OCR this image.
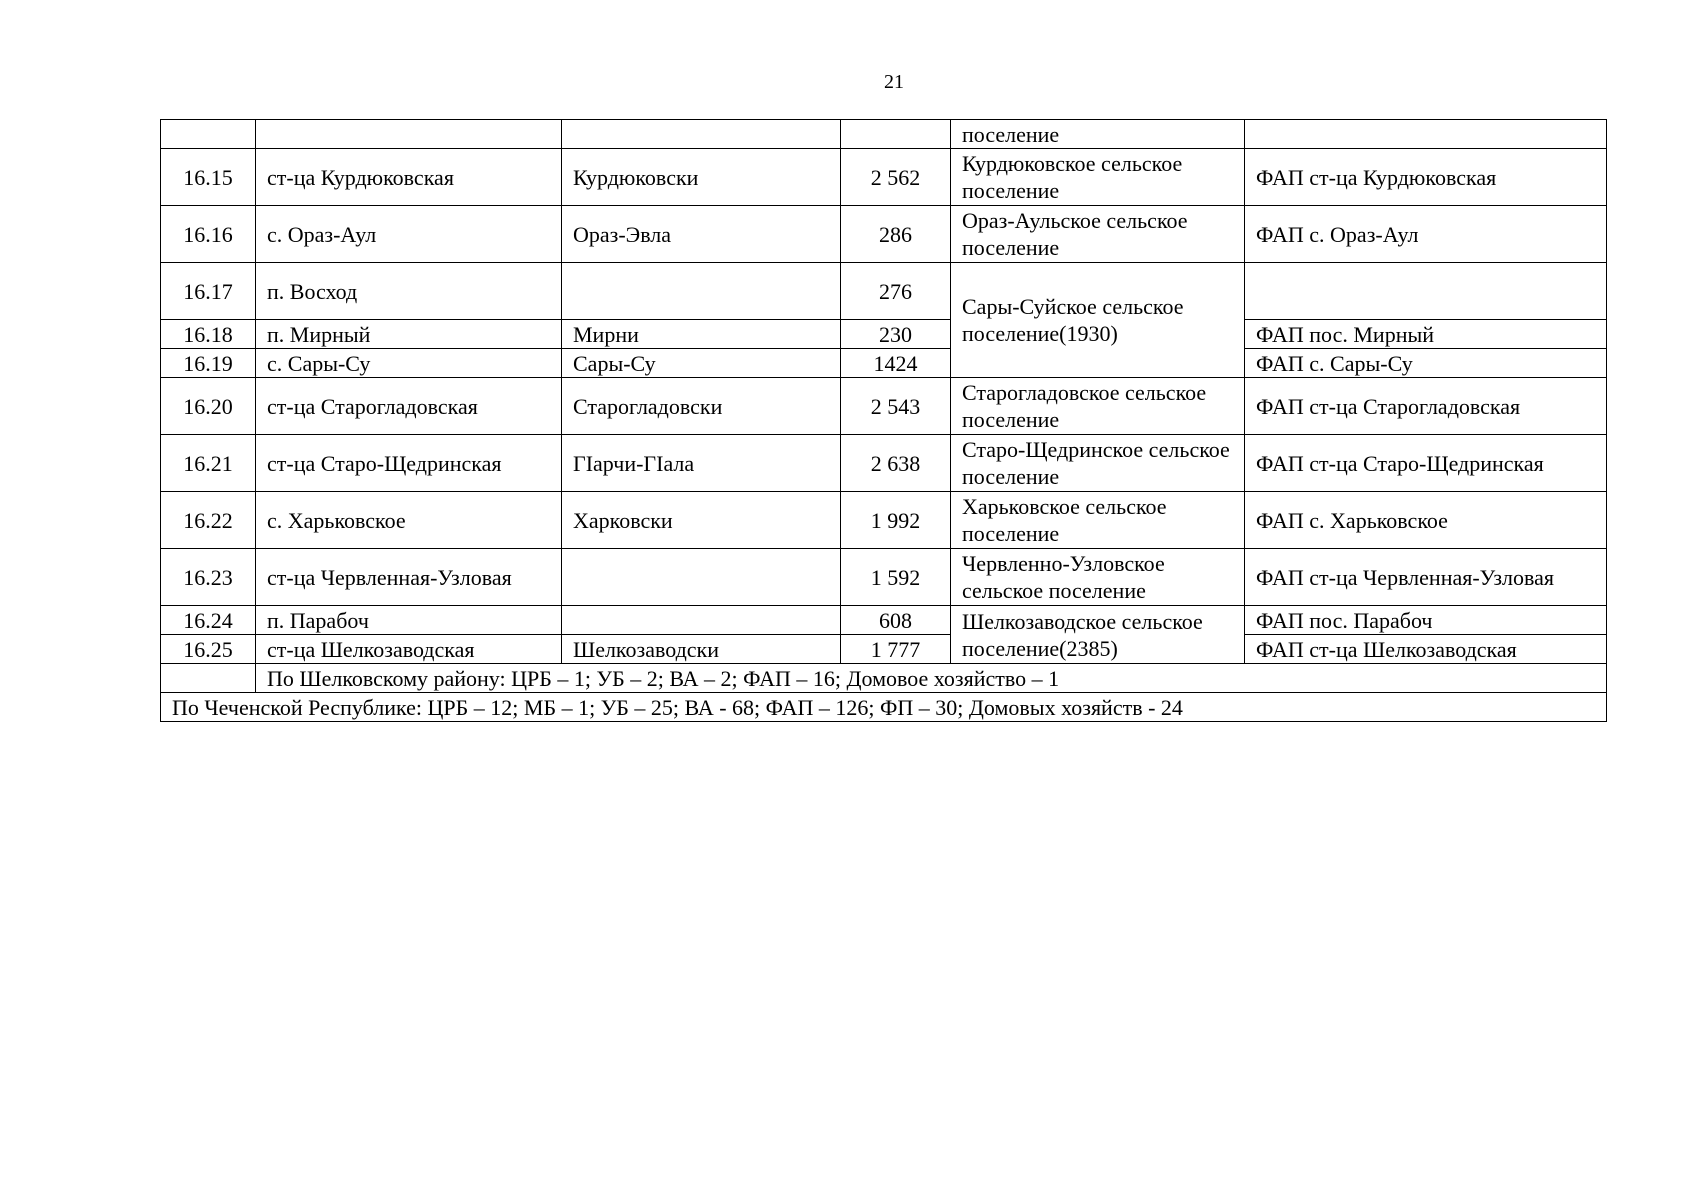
21
				поселение	
16.15	ст-ца Курдюковская	Курдюковски	2 562	Курдюковское сельское поселение	ФАП ст-ца Курдюковская
16.16	с. Ораз-Аул	Ораз-Эвла	286	Ораз-Аульское сельское поселение	ФАП с. Ораз-Аул
16.17	п. Восход		276	Сары-Суйское сельское поселение(1930)	
16.18	п. Мирный	Мирни	230		ФАП пос. Мирный
16.19	с. Сары-Су	Сары-Су	1424		ФАП с. Сары-Су
16.20	ст-ца Старогладовская	Старогладовски	2 543	Старогладовское сельское поселение	ФАП ст-ца Старогладовская
16.21	ст-ца Старо-Щедринская	ГIарчи-ГIала	2 638	Старо-Щедринское сельское поселение	ФАП ст-ца Старо-Щедринская
16.22	с. Харьковское	Харковски	1 992	Харьковское сельское поселение	ФАП с. Харьковское
16.23	ст-ца Червленная-Узловая		1 592	Червленно-Узловское сельское поселение	ФАП ст-ца Червленная-Узловая
16.24	п. Парабоч		608	Шелкозаводское сельское поселение(2385)	ФАП пос. Парабоч
16.25	ст-ца Шелкозаводская	Шелкозаводски	1 777		ФАП ст-ца Шелкозаводская
	По Шелковскому району: ЦРБ – 1; УБ – 2; ВА – 2; ФАП – 16; Домовое хозяйство – 1				
По Чеченской Республике: ЦРБ – 12; МБ – 1; УБ – 25; ВА - 68; ФАП – 126; ФП – 30; Домовых хозяйств - 24					
